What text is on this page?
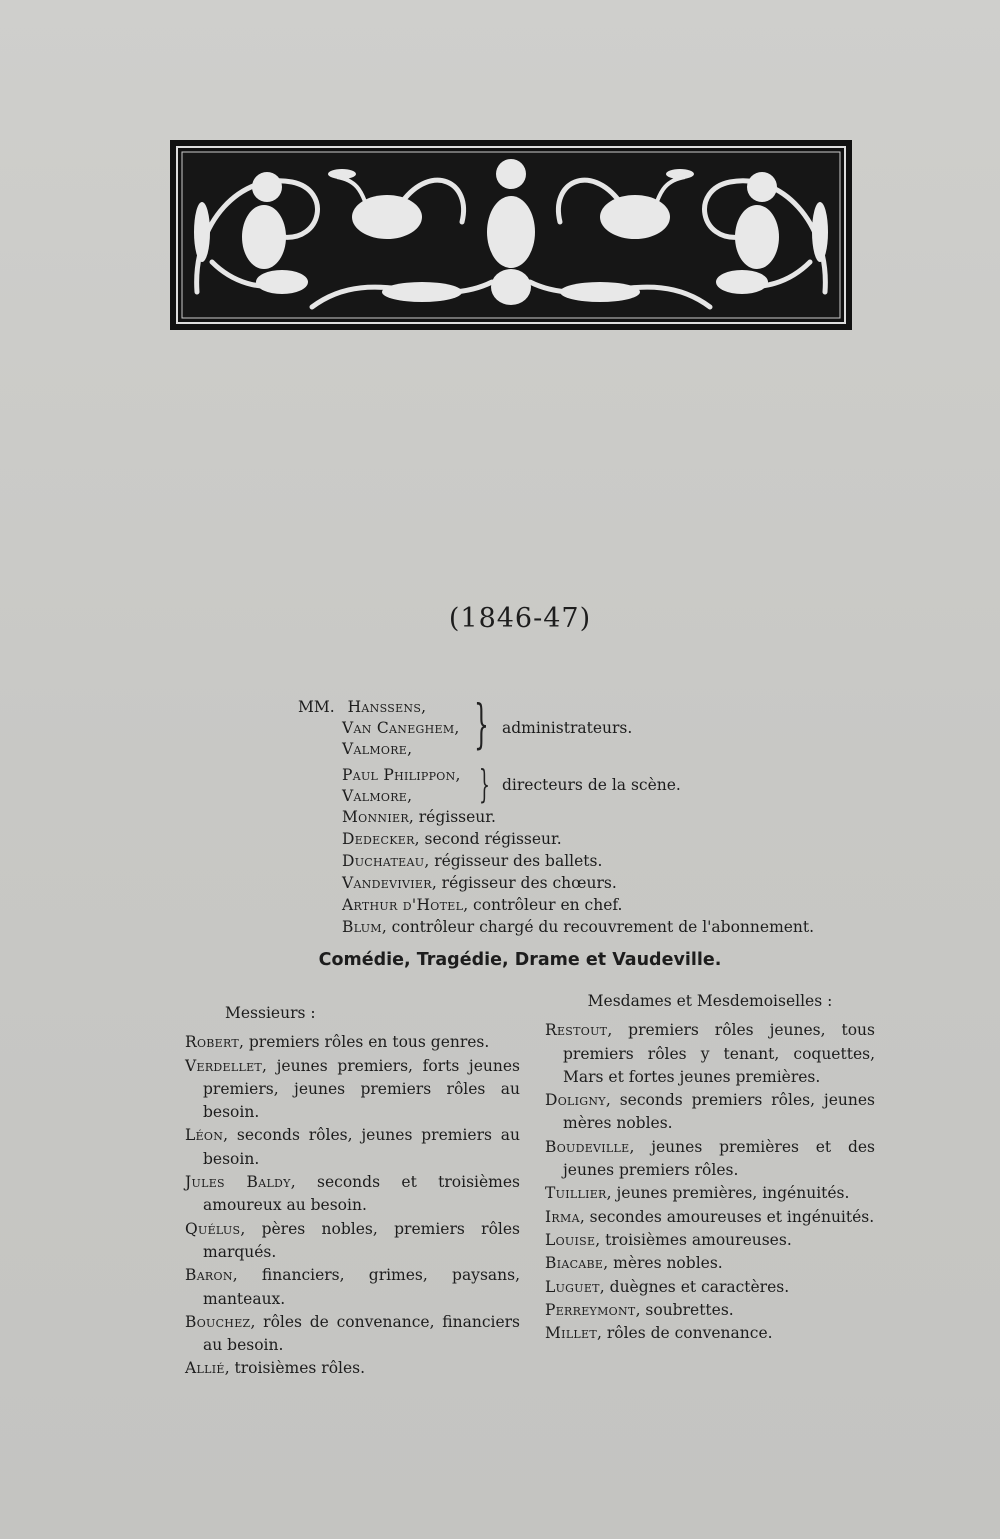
(1846-47)
MM. Hanssens,
Van Caneghem,
Valmore, } administrateurs.
Paul Philippon,
Valmore, } directeurs de la scène.
Monnier, régisseur.
Dedecker, second régisseur.
Duchateau, régisseur des ballets.
Vandevivier, régisseur des chœurs.
Arthur d'Hotel, contrôleur en chef.
Blum, contrôleur chargé du recouvrement de l'abonnement.
Comédie, Tragédie, Drame et Vaudeville.
Messieurs :
Robert, premiers rôles en tous genres.
Verdellet, jeunes premiers, forts jeunes premiers, jeunes premiers rôles au besoin.
Léon, seconds rôles, jeunes premiers au besoin.
Jules Baldy, seconds et troisièmes amoureux au besoin.
Quélus, pères nobles, premiers rôles marqués.
Baron, financiers, grimes, paysans, manteaux.
Bouchez, rôles de convenance, financiers au besoin.
Allié, troisièmes rôles.
Mesdames et Mesdemoiselles :
Restout, premiers rôles jeunes, tous premiers rôles y tenant, coquettes, Mars et fortes jeunes premières.
Doligny, seconds premiers rôles, jeunes mères nobles.
Boudeville, jeunes premières et des jeunes premiers rôles.
Tuillier, jeunes premières, ingénuités.
Irma, secondes amoureuses et ingénuités.
Louise, troisièmes amoureuses.
Biacabe, mères nobles.
Luguet, duègnes et caractères.
Perreymont, soubrettes.
Millet, rôles de convenance.
